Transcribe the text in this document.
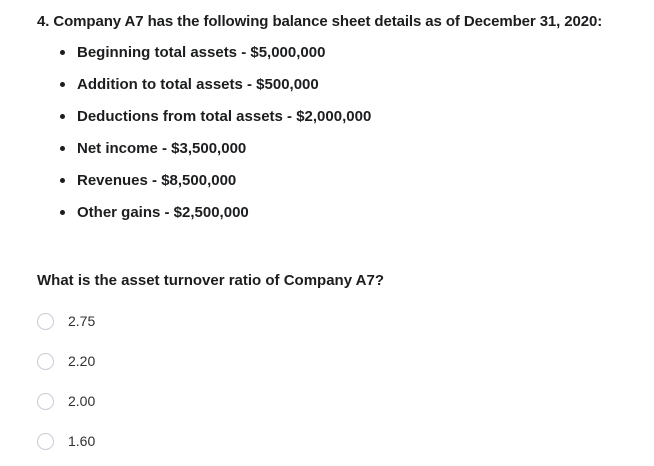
4. Company A7 has the following balance sheet details as of December 31, 2020:
Beginning total assets - $5,000,000
Addition to total assets - $500,000
Deductions from total assets - $2,000,000
Net income - $3,500,000
Revenues - $8,500,000
Other gains - $2,500,000
What is the asset turnover ratio of Company A7?
2.75
2.20
2.00
1.60
